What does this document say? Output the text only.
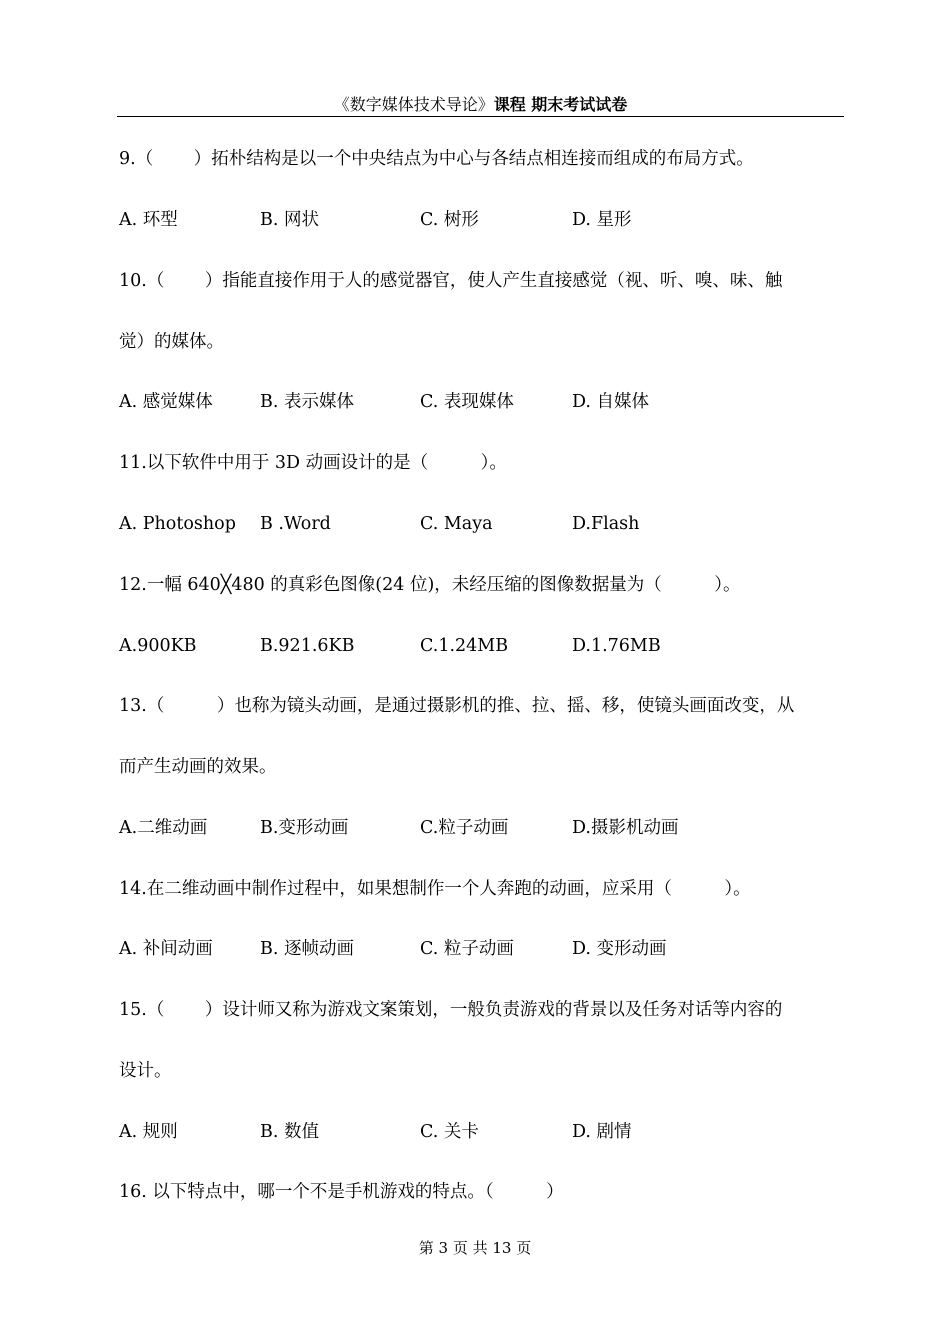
《数字媒体技术导论》课程 期末考试试卷
9.（　　 ）拓朴结构是以一个中央结点为中心与各结点相连接而组成的布局方式。
A. 环型	B. 网状	C. 树形	D. 星形
10.（　　 ）指能直接作用于人的感觉器官，使人产生直接感觉（视、听、嗅、味、触
觉）的媒体。
A. 感觉媒体	B. 表示媒体	C. 表现媒体	D. 自媒体
11.以下软件中用于 3D 动画设计的是（　　　）。
A. Photoshop B .Word	C. Maya	D.Flash
12.一幅 640╳480 的真彩色图像(24 位)，未经压缩的图像数据量为（　　　）。
A.900KB	B.921.6KB	C.1.24MB	D.1.76MB
13.（　　　）也称为镜头动画，是通过摄影机的推、拉、摇、移，使镜头画面改变，从
而产生动画的效果。
A.二维动画	B.变形动画	C.粒子动画	D.摄影机动画
14.在二维动画中制作过程中，如果想制作一个人奔跑的动画，应采用（　　　）。
A. 补间动画	B. 逐帧动画	C. 粒子动画	D. 变形动画
15.（　　 ）设计师又称为游戏文案策划，一般负责游戏的背景以及任务对话等内容的
设计。
A. 规则	B. 数值	C. 关卡	D. 剧情
16. 以下特点中，哪一个不是手机游戏的特点。（　　　）
第 3 页 共 13 页
